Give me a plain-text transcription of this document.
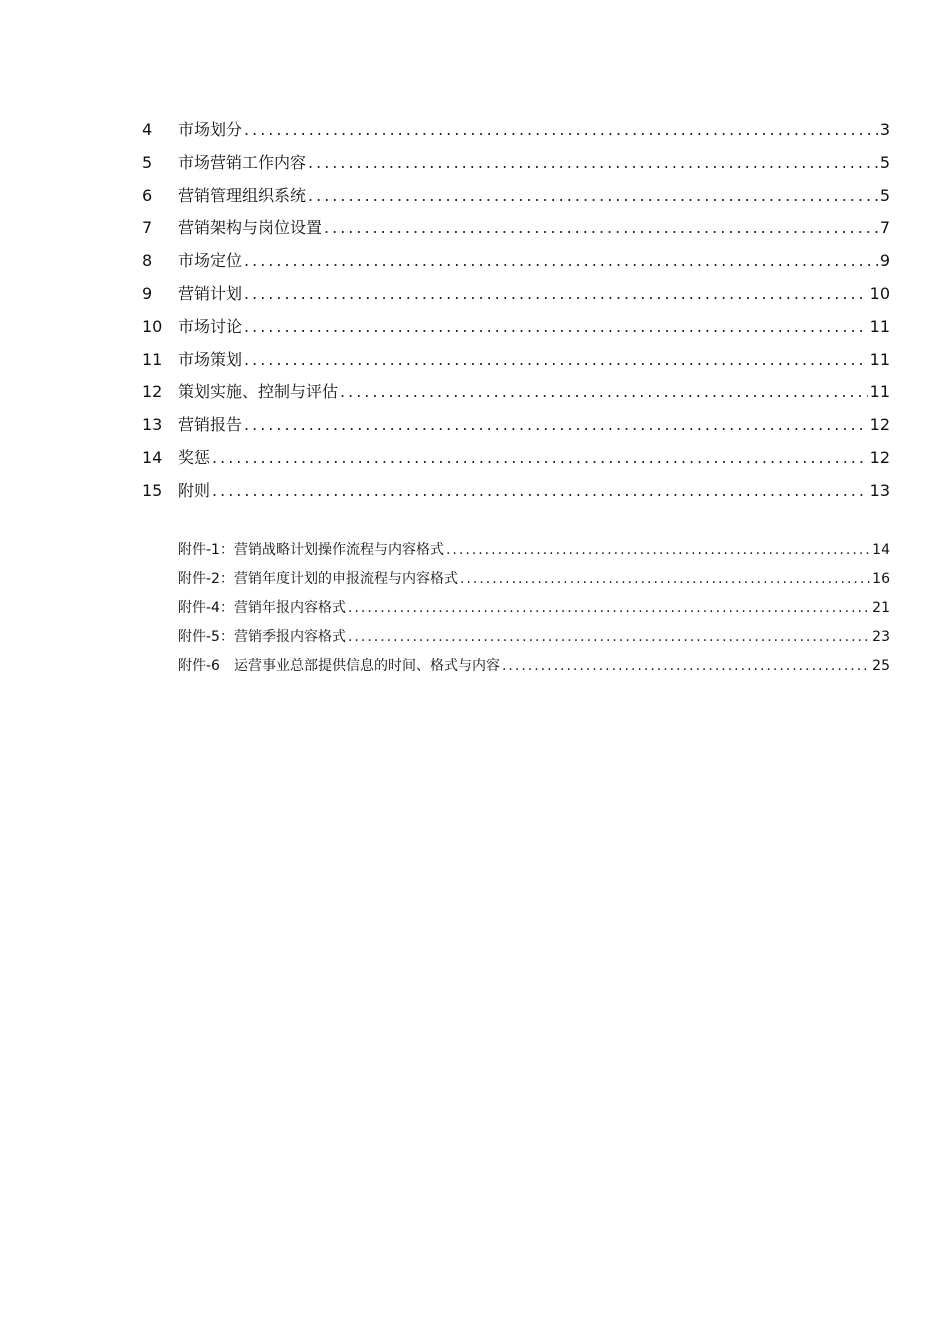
4	市场划分 .....	3
5	市场营销工作内容 .....	5
6	营销管理组织系统 .....	5
7	营销架构与岗位设置 .....	7
8	市场定位 .....	9
9	营销计划 .....	10
10 市场讨论 .....	11
11 市场策划 .....	11
12 策划实施、控制与评估 .....	11
13 营销报告 .....	12
14 奖惩 .....	12
15 附则 .....	13
附件-1：营销战略计划操作流程与内容格式 .....	14
附件-2：营销年度计划的申报流程与内容格式 .....	16
附件-4：营销年报内容格式 .....	21
附件-5：营销季报内容格式 .....	23
附件-6　运营事业总部提供信息的时间、格式与内容 .....	25
